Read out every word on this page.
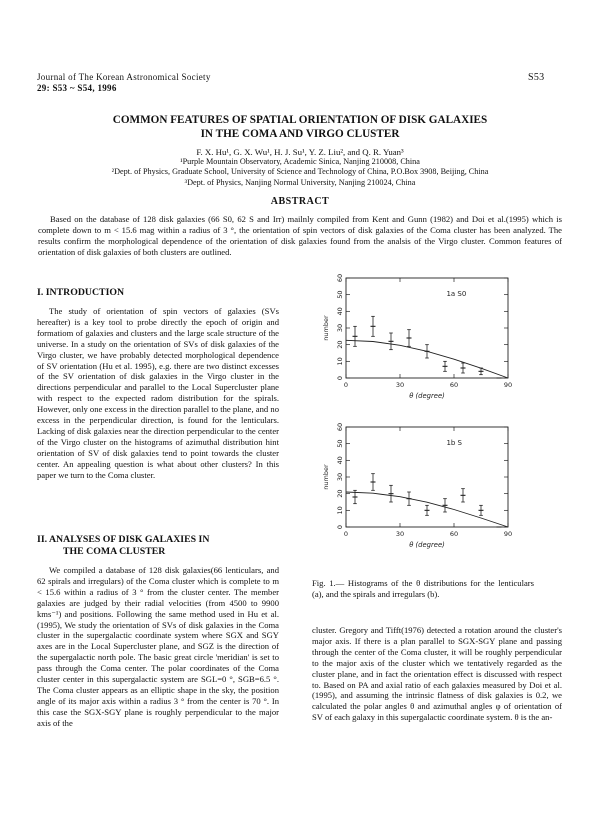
Journal of The Korean Astronomical Society
29: S53 ~ S54, 1996
S53
COMMON FEATURES OF SPATIAL ORIENTATION OF DISK GALAXIES
IN THE COMA AND VIRGO CLUSTER
F. X. Hu¹, G. X. Wu¹, H. J. Su¹, Y. Z. Liu², and Q. R. Yuan³
¹Purple Mountain Observatory, Academic Sinica, Nanjing 210008, China
²Dept. of Physics, Graduate School, University of Science and Technology of China, P.O.Box 3908, Beijing, China
³Dept. of Physics, Nanjing Normal University, Nanjing 210024, China
ABSTRACT
Based on the database of 128 disk galaxies (66 S0, 62 S and Irr) mailnly compiled from Kent and Gunn (1982) and Doi et al.(1995) which is complete down to m < 15.6 mag within a radius of 3 °, the orientation of spin vectors of disk galaxies of the Coma cluster has been analyzed. The results confirm the morphological dependence of the orientation of disk galaxies found from the analsis of the Virgo cluster. Common features of orientation of disk galaxies of both clusters are outlined.
I. INTRODUCTION
The study of orientation of spin vectors of galaxies (SVs hereafter) is a key tool to probe directly the epoch of origin and formatiom of galaxies and clusters and the large scale structure of the universe. In a study on the orientation of SVs of disk galaxies of the Virgo cluster, we have probably detected morphological dependence of SV orientation (Hu et al. 1995), e.g. there are two distinct excesses of the SV orientation of disk galaxies in the Virgo cluster in the directions perpendicular and parallel to the Local Supercluster plane with respect to the expected radom distribution for the spirals. However, only one excess in the direction parallel to the plane, and no excess in the perpendicular direction, is found for the lenticulars. Lacking of disk galaxies near the direction perpendicular to the center of the Virgo cluster on the histograms of azimuthal distribution hint orientation of SV of disk galaxies tend to point towards the cluster center. An appealing question is what about other clusters? In this paper we turn to the Coma cluster.
II. ANALYSES OF DISK GALAXIES IN
THE COMA CLUSTER
We compiled a database of 128 disk galaxies(66 lenticulars, and 62 spirals and irregulars) of the Coma cluster which is complete to m < 15.6 within a radius of 3 ° from the cluster center. The member galaxies are judged by their radial velocities (from 4500 to 9900 kms⁻¹) and positions. Following the same method used in Hu et al.(1995), We study the orientation of SVs of disk galaxies in the Coma cluster in the supergalactic coordinate system where SGX and SGY axes are in the Local Supercluster plane, and SGZ is the direction of the supergalactic north pole. The basic great circle 'meridian' is set to pass through the Coma center. The polar coordinates of the Coma cluster center in this supergalactic system are SGL=0 °, SGB=6.5 °. The Coma cluster appears as an elliptic shape in the sky, the position angle of its major axis within a radius 3 ° from the center is 70 °. In this case the SGX-SGY plane is roughly perpendicular to the major axis of the
0
10
20
30
40
50
60
0	30	60	90
number
θ (degree)
1a S0
0
10
20
30
40
50
60
0	30	60	90
number
θ (degree)
1b S
Fig. 1.— Histograms of the θ distributions for the lenticulars (a), and the spirals and irregulars (b).
cluster. Gregory and Tifft(1976) detected a rotation around the cluster's major axis. If there is a plan parallel to SGX-SGY plane and passing through the center of the Coma cluster, it will be roughly perpendicular to the major axis of the cluster which we tentatively regarded as the cluster plane, and in fact the orientation effect is discussed with respect to. Based on PA and axial ratio of each galaxies measured by Doi et al.(1995), and assuming the intrinsic flatness of disk galaxies is 0.2, we calculated the polar angles θ and azimuthal angles φ of orientation of SV of each galaxy in this supergalactic coordinate system. θ is the an-
